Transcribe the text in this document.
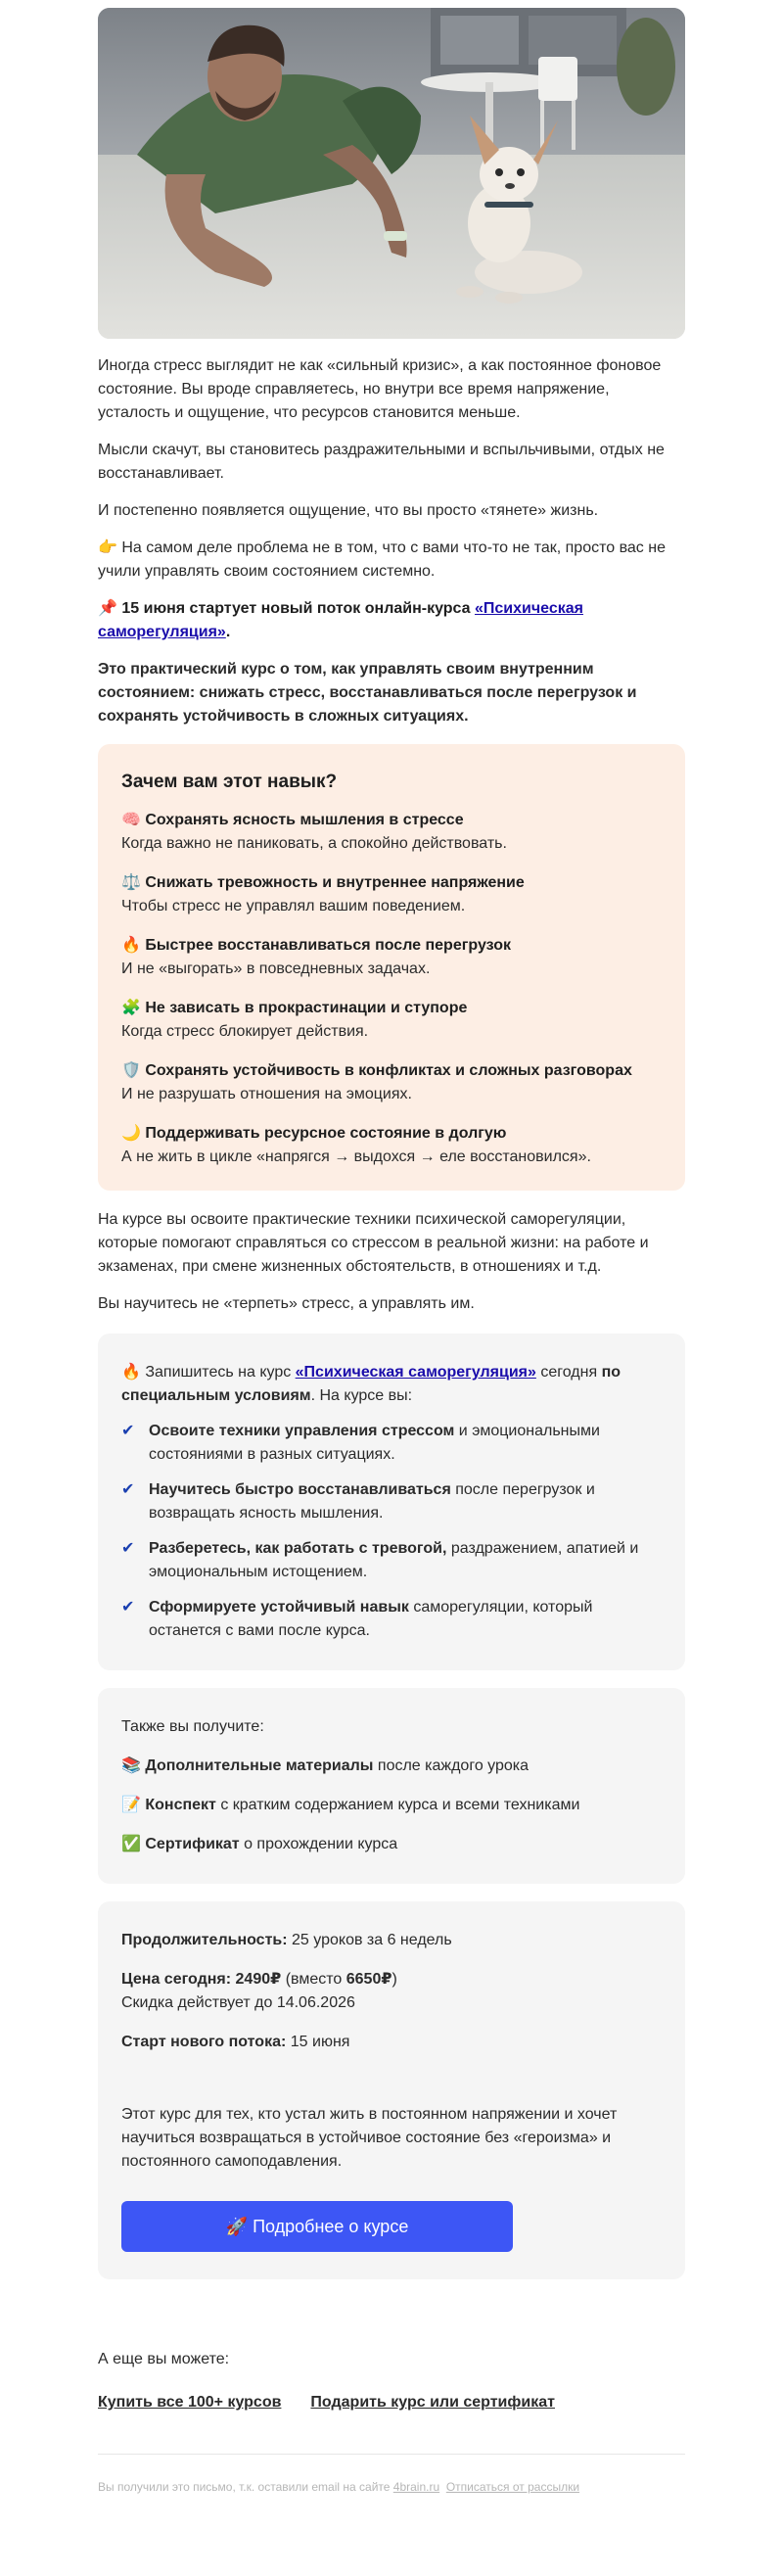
Иногда стресс выглядит не как «сильный кризис», а как постоянное фоновое состояние. Вы вроде справляетесь, но внутри все время напряжение, усталость и ощущение, что ресурсов становится меньше.

Мысли скачут, вы становитесь раздражительными и вспыльчивыми, отдых не восстанавливает.

И постепенно появляется ощущение, что вы просто «тянете» жизнь.

👉 На самом деле проблема не в том, что с вами что-то не так, просто вас не учили управлять своим состоянием системно.

📌 15 июня стартует новый поток онлайн-курса «Психическая саморегуляция».

Это практический курс о том, как управлять своим внутренним состоянием: снижать стресс, восстанавливаться после перегрузок и сохранять устойчивость в сложных ситуациях.

Зачем вам этот навык?
🧠 Сохранять ясность мышления в стрессе
Когда важно не паниковать, а спокойно действовать.
⚖️ Снижать тревожность и внутреннее напряжение
Чтобы стресс не управлял вашим поведением.
🔥 Быстрее восстанавливаться после перегрузок
И не «выгорать» в повседневных задачах.
🧩 Не зависать в прокрастинации и ступоре
Когда стресс блокирует действия.
🛡️ Сохранять устойчивость в конфликтах и сложных разговорах
И не разрушать отношения на эмоциях.
🌙 Поддерживать ресурсное состояние в долгую
А не жить в цикле «напрягся → выдохся → еле восстановился».

На курсе вы освоите практические техники психической саморегуляции, которые помогают справляться со стрессом в реальной жизни: на работе и экзаменах, при смене жизненных обстоятельств, в отношениях и т.д.

Вы научитесь не «терпеть» стресс, а управлять им.

🔥 Запишитесь на курс «Психическая саморегуляция» сегодня по специальным условиям. На курсе вы:
✔ Освоите техники управления стрессом и эмоциональными состояниями в разных ситуациях.
✔ Научитесь быстро восстанавливаться после перегрузок и возвращать ясность мышления.
✔ Разберетесь, как работать с тревогой, раздражением, апатией и эмоциональным истощением.
✔ Сформируете устойчивый навык саморегуляции, который останется с вами после курса.
Также вы получите:
📚 Дополнительные материалы после каждого урока
📝 Конспект с кратким содержанием курса и всеми техниками
✅ Сертификат о прохождении курса
Продолжительность: 25 уроков за 6 недель
Цена сегодня: 2490₽ (вместо 6650₽)
Скидка действует до 14.06.2026
Старт нового потока: 15 июня
Этот курс для тех, кто устал жить в постоянном напряжении и хочет научиться возвращаться в устойчивое состояние без «героизма» и постоянного самоподавления.
🚀 Подробнее о курсе
А еще вы можете:
Купить все 100+ курсов Подарить курс или сертификат
Вы получили это письмо, т.к. оставили email на сайте 4brain.ru Отписаться от рассылки
